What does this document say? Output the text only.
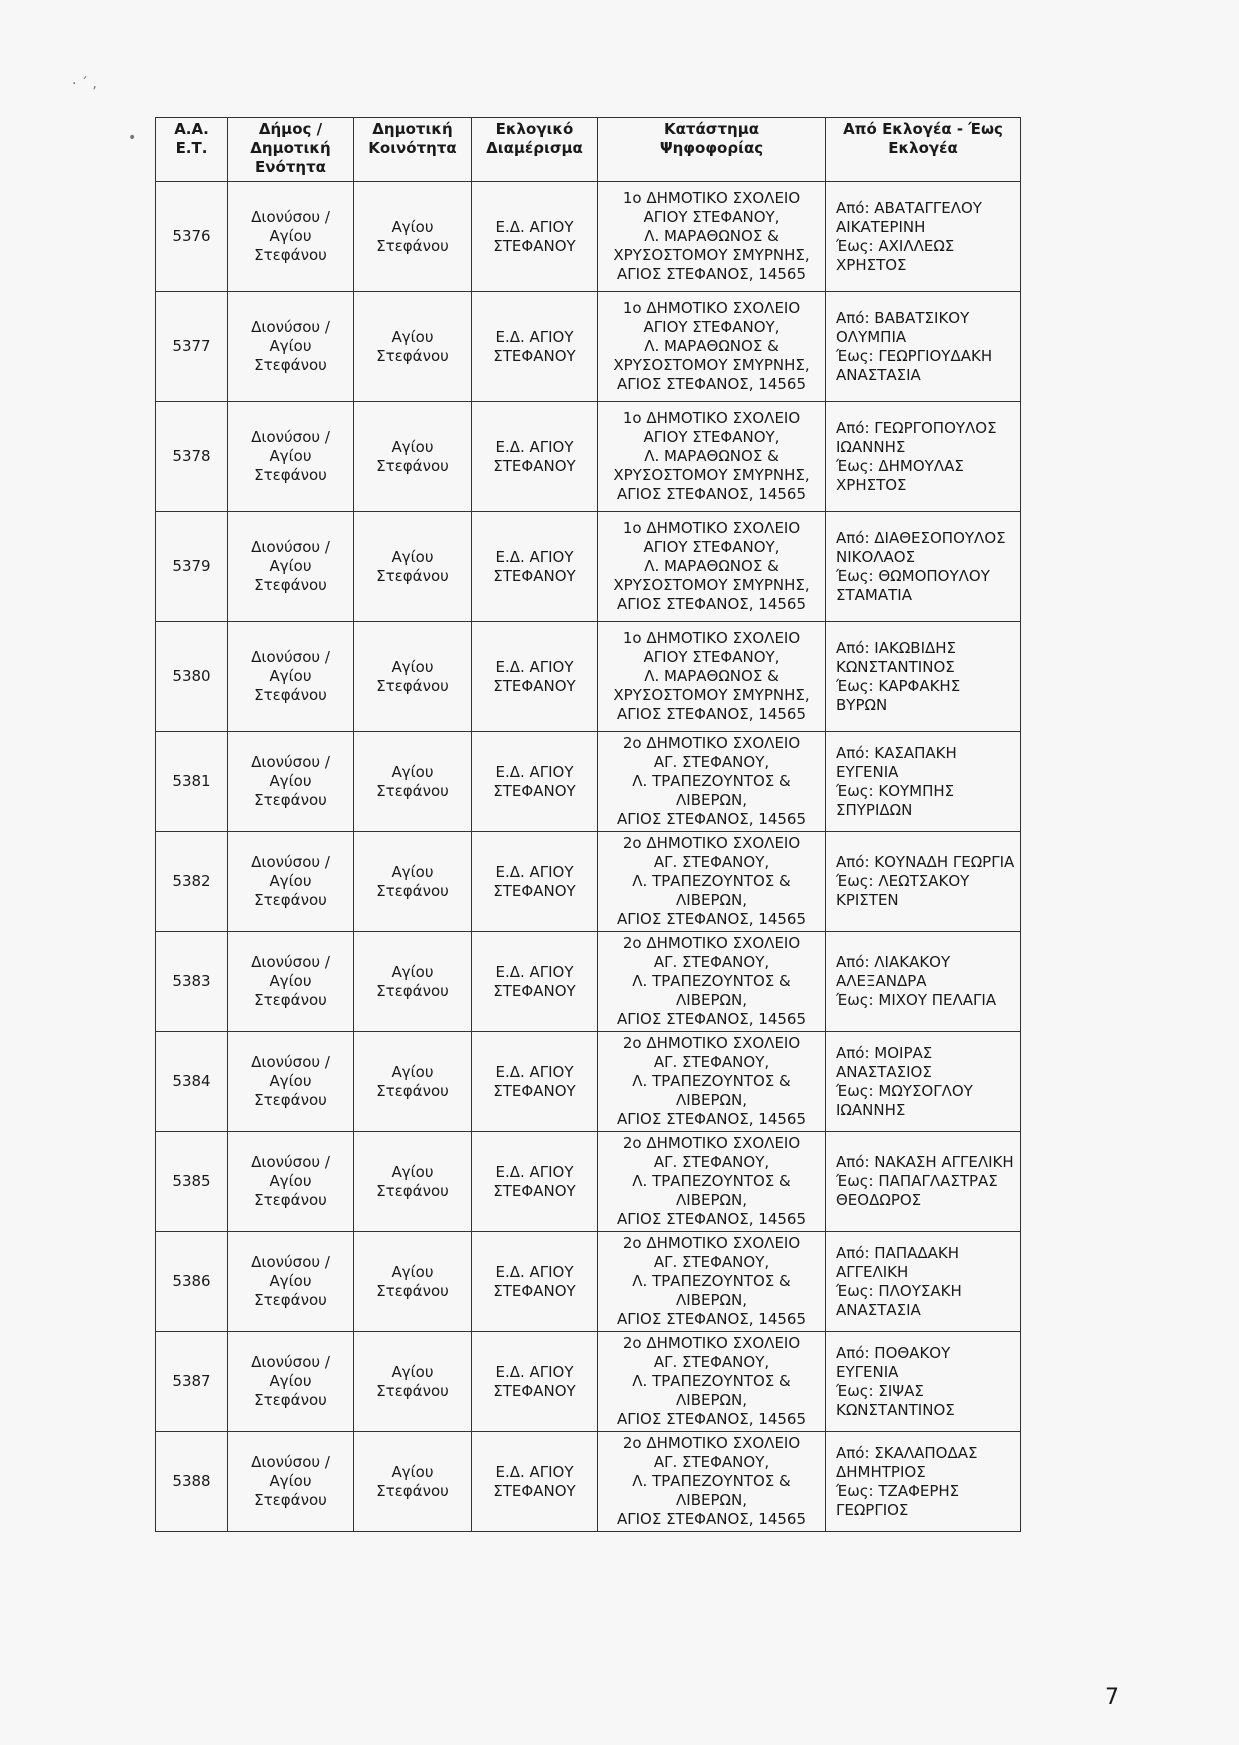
· ´ ,
•	Α.Α.
Ε.Τ.	Δήμος /
Δημοτική
Ενότητα	Δημοτική
Κοινότητα	Εκλογικό
Διαμέρισμα	Κατάστημα
Ψηφοφορίας	Από Εκλογέα - Έως
Εκλογέα
5376	Διονύσου /
Αγίου
Στεφάνου	Αγίου
Στεφάνου	Ε.Δ. ΑΓΙΟΥ
ΣΤΕΦΑΝΟΥ	1ο ΔΗΜΟΤΙΚΟ ΣΧΟΛΕΙΟ
ΑΓΙΟΥ ΣΤΕΦΑΝΟΥ,
Λ. ΜΑΡΑΘΩΝΟΣ &
ΧΡΥΣΟΣΤΟΜΟΥ ΣΜΥΡΝΗΣ,
ΑΓΙΟΣ ΣΤΕΦΑΝΟΣ, 14565	Από: ΑΒΑΤΑΓΓΕΛΟΥ
ΑΙΚΑΤΕΡΙΝΗ
Έως: ΑΧΙΛΛΕΩΣ
ΧΡΗΣΤΟΣ
5377	Διονύσου /
Αγίου
Στεφάνου	Αγίου
Στεφάνου	Ε.Δ. ΑΓΙΟΥ
ΣΤΕΦΑΝΟΥ	1ο ΔΗΜΟΤΙΚΟ ΣΧΟΛΕΙΟ
ΑΓΙΟΥ ΣΤΕΦΑΝΟΥ,
Λ. ΜΑΡΑΘΩΝΟΣ &
ΧΡΥΣΟΣΤΟΜΟΥ ΣΜΥΡΝΗΣ,
ΑΓΙΟΣ ΣΤΕΦΑΝΟΣ, 14565	Από: ΒΑΒΑΤΣΙΚΟΥ
ΟΛΥΜΠΙΑ
Έως: ΓΕΩΡΓΙΟΥΔΑΚΗ
ΑΝΑΣΤΑΣΙΑ
5378	Διονύσου /
Αγίου
Στεφάνου	Αγίου
Στεφάνου	Ε.Δ. ΑΓΙΟΥ
ΣΤΕΦΑΝΟΥ	1ο ΔΗΜΟΤΙΚΟ ΣΧΟΛΕΙΟ
ΑΓΙΟΥ ΣΤΕΦΑΝΟΥ,
Λ. ΜΑΡΑΘΩΝΟΣ &
ΧΡΥΣΟΣΤΟΜΟΥ ΣΜΥΡΝΗΣ,
ΑΓΙΟΣ ΣΤΕΦΑΝΟΣ, 14565	Από: ΓΕΩΡΓΟΠΟΥΛΟΣ
ΙΩΑΝΝΗΣ
Έως: ΔΗΜΟΥΛΑΣ
ΧΡΗΣΤΟΣ
5379	Διονύσου /
Αγίου
Στεφάνου	Αγίου
Στεφάνου	Ε.Δ. ΑΓΙΟΥ
ΣΤΕΦΑΝΟΥ	1ο ΔΗΜΟΤΙΚΟ ΣΧΟΛΕΙΟ
ΑΓΙΟΥ ΣΤΕΦΑΝΟΥ,
Λ. ΜΑΡΑΘΩΝΟΣ &
ΧΡΥΣΟΣΤΟΜΟΥ ΣΜΥΡΝΗΣ,
ΑΓΙΟΣ ΣΤΕΦΑΝΟΣ, 14565	Από: ΔΙΑΘΕΣΟΠΟΥΛΟΣ
ΝΙΚΟΛΑΟΣ
Έως: ΘΩΜΟΠΟΥΛΟΥ
ΣΤΑΜΑΤΙΑ
5380	Διονύσου /
Αγίου
Στεφάνου	Αγίου
Στεφάνου	Ε.Δ. ΑΓΙΟΥ
ΣΤΕΦΑΝΟΥ	1ο ΔΗΜΟΤΙΚΟ ΣΧΟΛΕΙΟ
ΑΓΙΟΥ ΣΤΕΦΑΝΟΥ,
Λ. ΜΑΡΑΘΩΝΟΣ &
ΧΡΥΣΟΣΤΟΜΟΥ ΣΜΥΡΝΗΣ,
ΑΓΙΟΣ ΣΤΕΦΑΝΟΣ, 14565	Από: ΙΑΚΩΒΙΔΗΣ
ΚΩΝΣΤΑΝΤΙΝΟΣ
Έως: ΚΑΡΦΑΚΗΣ ΒΥΡΩΝ
5381	Διονύσου /
Αγίου
Στεφάνου	Αγίου
Στεφάνου	Ε.Δ. ΑΓΙΟΥ
ΣΤΕΦΑΝΟΥ	2ο ΔΗΜΟΤΙΚΟ ΣΧΟΛΕΙΟ
ΑΓ. ΣΤΕΦΑΝΟΥ,
Λ. ΤΡΑΠΕΖΟΥΝΤΟΣ &
ΛΙΒΕΡΩΝ,
ΑΓΙΟΣ ΣΤΕΦΑΝΟΣ, 14565	Από: ΚΑΣΑΠΑΚΗ
ΕΥΓΕΝΙΑ
Έως: ΚΟΥΜΠΗΣ
ΣΠΥΡΙΔΩΝ
5382	Διονύσου /
Αγίου
Στεφάνου	Αγίου
Στεφάνου	Ε.Δ. ΑΓΙΟΥ
ΣΤΕΦΑΝΟΥ	2ο ΔΗΜΟΤΙΚΟ ΣΧΟΛΕΙΟ
ΑΓ. ΣΤΕΦΑΝΟΥ,
Λ. ΤΡΑΠΕΖΟΥΝΤΟΣ &
ΛΙΒΕΡΩΝ,
ΑΓΙΟΣ ΣΤΕΦΑΝΟΣ, 14565	Από: ΚΟΥΝΑΔΗ ΓΕΩΡΓΙΑ
Έως: ΛΕΩΤΣΑΚΟΥ
ΚΡΙΣΤΕΝ
5383	Διονύσου /
Αγίου
Στεφάνου	Αγίου
Στεφάνου	Ε.Δ. ΑΓΙΟΥ
ΣΤΕΦΑΝΟΥ	2ο ΔΗΜΟΤΙΚΟ ΣΧΟΛΕΙΟ
ΑΓ. ΣΤΕΦΑΝΟΥ,
Λ. ΤΡΑΠΕΖΟΥΝΤΟΣ &
ΛΙΒΕΡΩΝ,
ΑΓΙΟΣ ΣΤΕΦΑΝΟΣ, 14565	Από: ΛΙΑΚΑΚΟΥ
ΑΛΕΞΑΝΔΡΑ
Έως: ΜΙΧΟΥ ΠΕΛΑΓΙΑ
5384	Διονύσου /
Αγίου
Στεφάνου	Αγίου
Στεφάνου	Ε.Δ. ΑΓΙΟΥ
ΣΤΕΦΑΝΟΥ	2ο ΔΗΜΟΤΙΚΟ ΣΧΟΛΕΙΟ
ΑΓ. ΣΤΕΦΑΝΟΥ,
Λ. ΤΡΑΠΕΖΟΥΝΤΟΣ &
ΛΙΒΕΡΩΝ,
ΑΓΙΟΣ ΣΤΕΦΑΝΟΣ, 14565	Από: ΜΟΙΡΑΣ
ΑΝΑΣΤΑΣΙΟΣ
Έως: ΜΩΥΣΟΓΛΟΥ
ΙΩΑΝΝΗΣ
5385	Διονύσου /
Αγίου
Στεφάνου	Αγίου
Στεφάνου	Ε.Δ. ΑΓΙΟΥ
ΣΤΕΦΑΝΟΥ	2ο ΔΗΜΟΤΙΚΟ ΣΧΟΛΕΙΟ
ΑΓ. ΣΤΕΦΑΝΟΥ,
Λ. ΤΡΑΠΕΖΟΥΝΤΟΣ &
ΛΙΒΕΡΩΝ,
ΑΓΙΟΣ ΣΤΕΦΑΝΟΣ, 14565	Από: ΝΑΚΑΣΗ ΑΓΓΕΛΙΚΗ
Έως: ΠΑΠΑΓΛΑΣΤΡΑΣ
ΘΕΟΔΩΡΟΣ
5386	Διονύσου /
Αγίου
Στεφάνου	Αγίου
Στεφάνου	Ε.Δ. ΑΓΙΟΥ
ΣΤΕΦΑΝΟΥ	2ο ΔΗΜΟΤΙΚΟ ΣΧΟΛΕΙΟ
ΑΓ. ΣΤΕΦΑΝΟΥ,
Λ. ΤΡΑΠΕΖΟΥΝΤΟΣ &
ΛΙΒΕΡΩΝ,
ΑΓΙΟΣ ΣΤΕΦΑΝΟΣ, 14565	Από: ΠΑΠΑΔΑΚΗ
ΑΓΓΕΛΙΚΗ
Έως: ΠΛΟΥΣΑΚΗ
ΑΝΑΣΤΑΣΙΑ
5387	Διονύσου /
Αγίου
Στεφάνου	Αγίου
Στεφάνου	Ε.Δ. ΑΓΙΟΥ
ΣΤΕΦΑΝΟΥ	2ο ΔΗΜΟΤΙΚΟ ΣΧΟΛΕΙΟ
ΑΓ. ΣΤΕΦΑΝΟΥ,
Λ. ΤΡΑΠΕΖΟΥΝΤΟΣ &
ΛΙΒΕΡΩΝ,
ΑΓΙΟΣ ΣΤΕΦΑΝΟΣ, 14565	Από: ΠΟΘΑΚΟΥ
ΕΥΓΕΝΙΑ
Έως: ΣΙΨΑΣ
ΚΩΝΣΤΑΝΤΙΝΟΣ
5388	Διονύσου /
Αγίου
Στεφάνου	Αγίου
Στεφάνου	Ε.Δ. ΑΓΙΟΥ
ΣΤΕΦΑΝΟΥ	2ο ΔΗΜΟΤΙΚΟ ΣΧΟΛΕΙΟ
ΑΓ. ΣΤΕΦΑΝΟΥ,
Λ. ΤΡΑΠΕΖΟΥΝΤΟΣ &
ΛΙΒΕΡΩΝ,
ΑΓΙΟΣ ΣΤΕΦΑΝΟΣ, 14565	Από: ΣΚΑΛΑΠΟΔΑΣ
ΔΗΜΗΤΡΙΟΣ
Έως: ΤΖΑΦΕΡΗΣ
ΓΕΩΡΓΙΟΣ
7
